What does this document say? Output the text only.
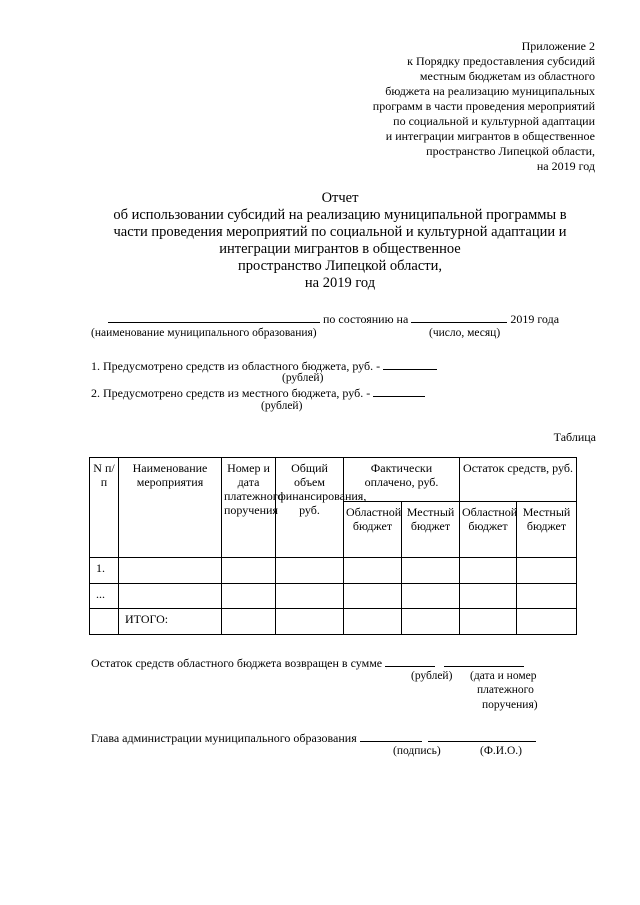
Приложение 2
к Порядку предоставления субсидий
местным бюджетам из областного
бюджета на реализацию муниципальных
программ в части проведения мероприятий
по социальной и культурной адаптации
и интеграции мигрантов в общественное
пространство Липецкой области,
на 2019 год
Отчет
об использовании субсидий на реализацию муниципальной программы в
части проведения мероприятий по социальной и культурной адаптации и
интеграции мигрантов в общественное
пространство Липецкой области,
на 2019 год
по состоянию на	2019 года
(наименование муниципального образования)	(число, месяц)
1. Предусмотрено средств из областного бюджета, руб. -
(рублей)
2. Предусмотрено средств из местного бюджета, руб. -
(рублей)
Таблица
N п/п	Наименование мероприятия	Номер и дата платежного поручения	Общий объем финансирования, руб.	Фактически оплачено, руб.		Остаток средств, руб.	
				Областной бюджет	Местный бюджет	Областной бюджет	Местный бюджет
1.							
...							
	ИТОГО:						
Остаток средств областного бюджета возвращен в сумме
(рублей) (дата и номер
платежного
поручения)
Глава администрации муниципального образования
(подпись)	(Ф.И.О.)
